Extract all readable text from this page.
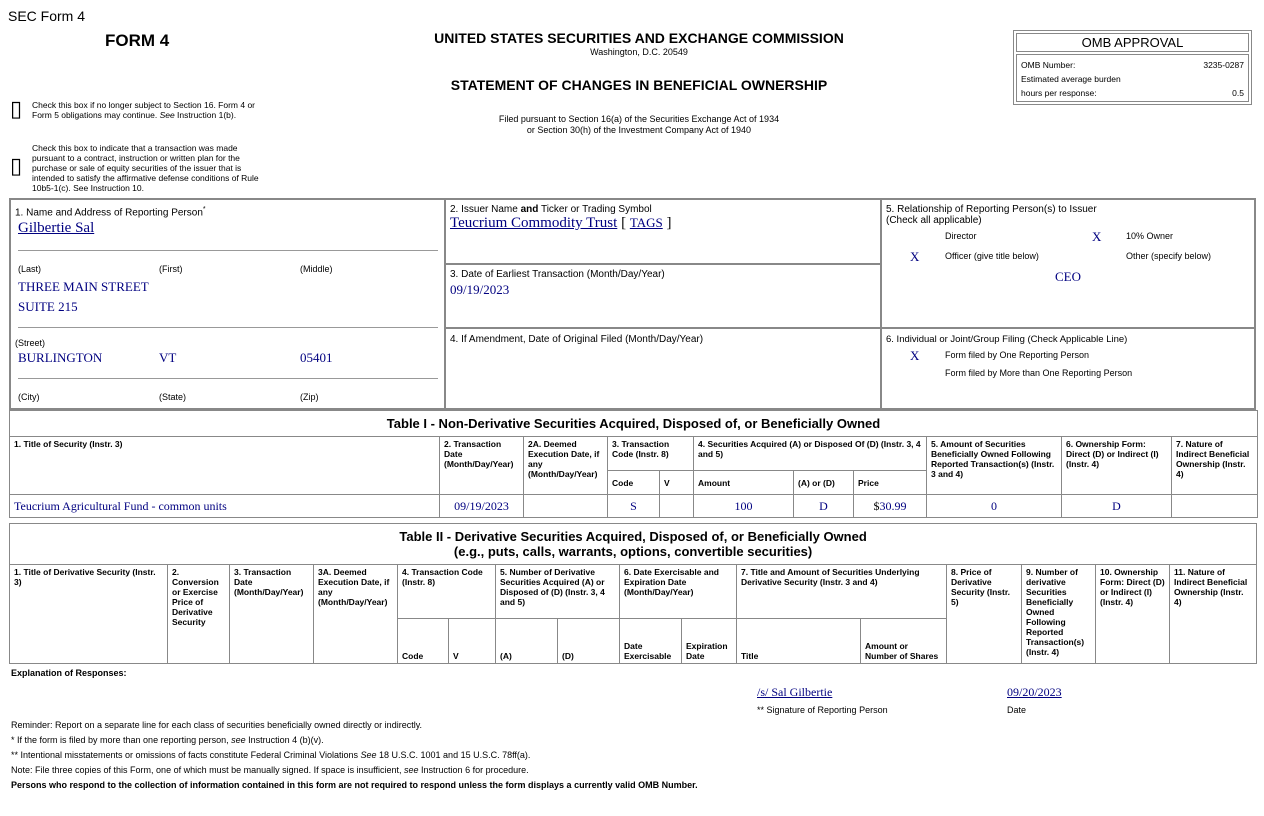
SEC Form 4
FORM 4
▯ Check this box if no longer subject to Section 16. Form 4 or Form 5 obligations may continue. See Instruction 1(b).
▯
Check this box to indicate that a transaction was made pursuant to a contract, instruction or written plan for the purchase or sale of equity securities of the issuer that is intended to satisfy the affirmative defense conditions of Rule 10b5-1(c). See Instruction 10.
UNITED STATES SECURITIES AND EXCHANGE COMMISSION
Washington, D.C. 20549
STATEMENT OF CHANGES IN BENEFICIAL OWNERSHIP
Filed pursuant to Section 16(a) of the Securities Exchange Act of 1934
or Section 30(h) of the Investment Company Act of 1940
OMB APPROVAL
OMB Number:	3235-0287
Estimated average burden
hours per response:	0.5
1. Name and Address of Reporting Person*
Gilbertie Sal
(Last)	(First)	(Middle)
THREE MAIN STREET
SUITE 215
(Street)
BURLINGTON	VT	05401
(City)	(State)	(Zip)
2. Issuer Name and Ticker or Trading Symbol
Teucrium Commodity Trust [ TAGS ]
3. Date of Earliest Transaction (Month/Day/Year)
09/19/2023
4. If Amendment, Date of Original Filed (Month/Day/Year)
5. Relationship of Reporting Person(s) to Issuer
(Check all applicable)
Director	X	10% Owner
X	Officer (give title below)	Other (specify below)
CEO
6. Individual or Joint/Group Filing (Check Applicable Line)
X	Form filed by One Reporting Person
Form filed by More than One Reporting Person
Table I - Non-Derivative Securities Acquired, Disposed of, or Beneficially Owned										
1. Title of Security (Instr. 3)	2. Transaction Date (Month/Day/Year)	2A. Deemed Execution Date, if any (Month/Day/Year)	3. Transaction Code (Instr. 8)		4. Securities Acquired (A) or Disposed Of (D) (Instr. 3, 4 and 5)			5. Amount of Securities Beneficially Owned Following Reported Transaction(s) (Instr. 3 and 4)	6. Ownership Form: Direct (D) or Indirect (I) (Instr. 4)	7. Nature of Indirect Beneficial Ownership (Instr. 4)
			Code	V	Amount	(A) or (D)	Price			
Teucrium Agricultural Fund - common units	09/19/2023		S		100	D	$30.99	0	D	
Table II - Derivative Securities Acquired, Disposed of, or Beneficially Owned
(e.g., puts, calls, warrants, options, convertible securities)															

1. Title of Derivative Security (Instr. 3)	2. Conversion or Exercise Price of Derivative Security	3. Transaction Date (Month/Day/Year)	3A. Deemed Execution Date, if any (Month/Day/Year)	4. Transaction Code (Instr. 8)		5. Number of Derivative Securities Acquired (A) or Disposed of (D) (Instr. 3, 4 and 5)		6. Date Exercisable and Expiration Date (Month/Day/Year)		7. Title and Amount of Securities Underlying Derivative Security (Instr. 3 and 4)		8. Price of Derivative Security (Instr. 5)	9. Number of derivative Securities Beneficially Owned Following Reported Transaction(s) (Instr. 4)	10. Ownership Form: Direct (D) or Indirect (I) (Instr. 4)	11. Nature of Indirect Beneficial Ownership (Instr. 4)
				Code	V	(A)	(D)	Date Exercisable	Expiration Date	Title	Amount or Number of Shares				
Explanation of Responses:
/s/ Sal Gilbertie	09/20/2023
** Signature of Reporting Person	Date
Reminder: Report on a separate line for each class of securities beneficially owned directly or indirectly.
* If the form is filed by more than one reporting person, see Instruction 4 (b)(v).
** Intentional misstatements or omissions of facts constitute Federal Criminal Violations See 18 U.S.C. 1001 and 15 U.S.C. 78ff(a).
Note: File three copies of this Form, one of which must be manually signed. If space is insufficient, see Instruction 6 for procedure.
Persons who respond to the collection of information contained in this form are not required to respond unless the form displays a currently valid OMB Number.
